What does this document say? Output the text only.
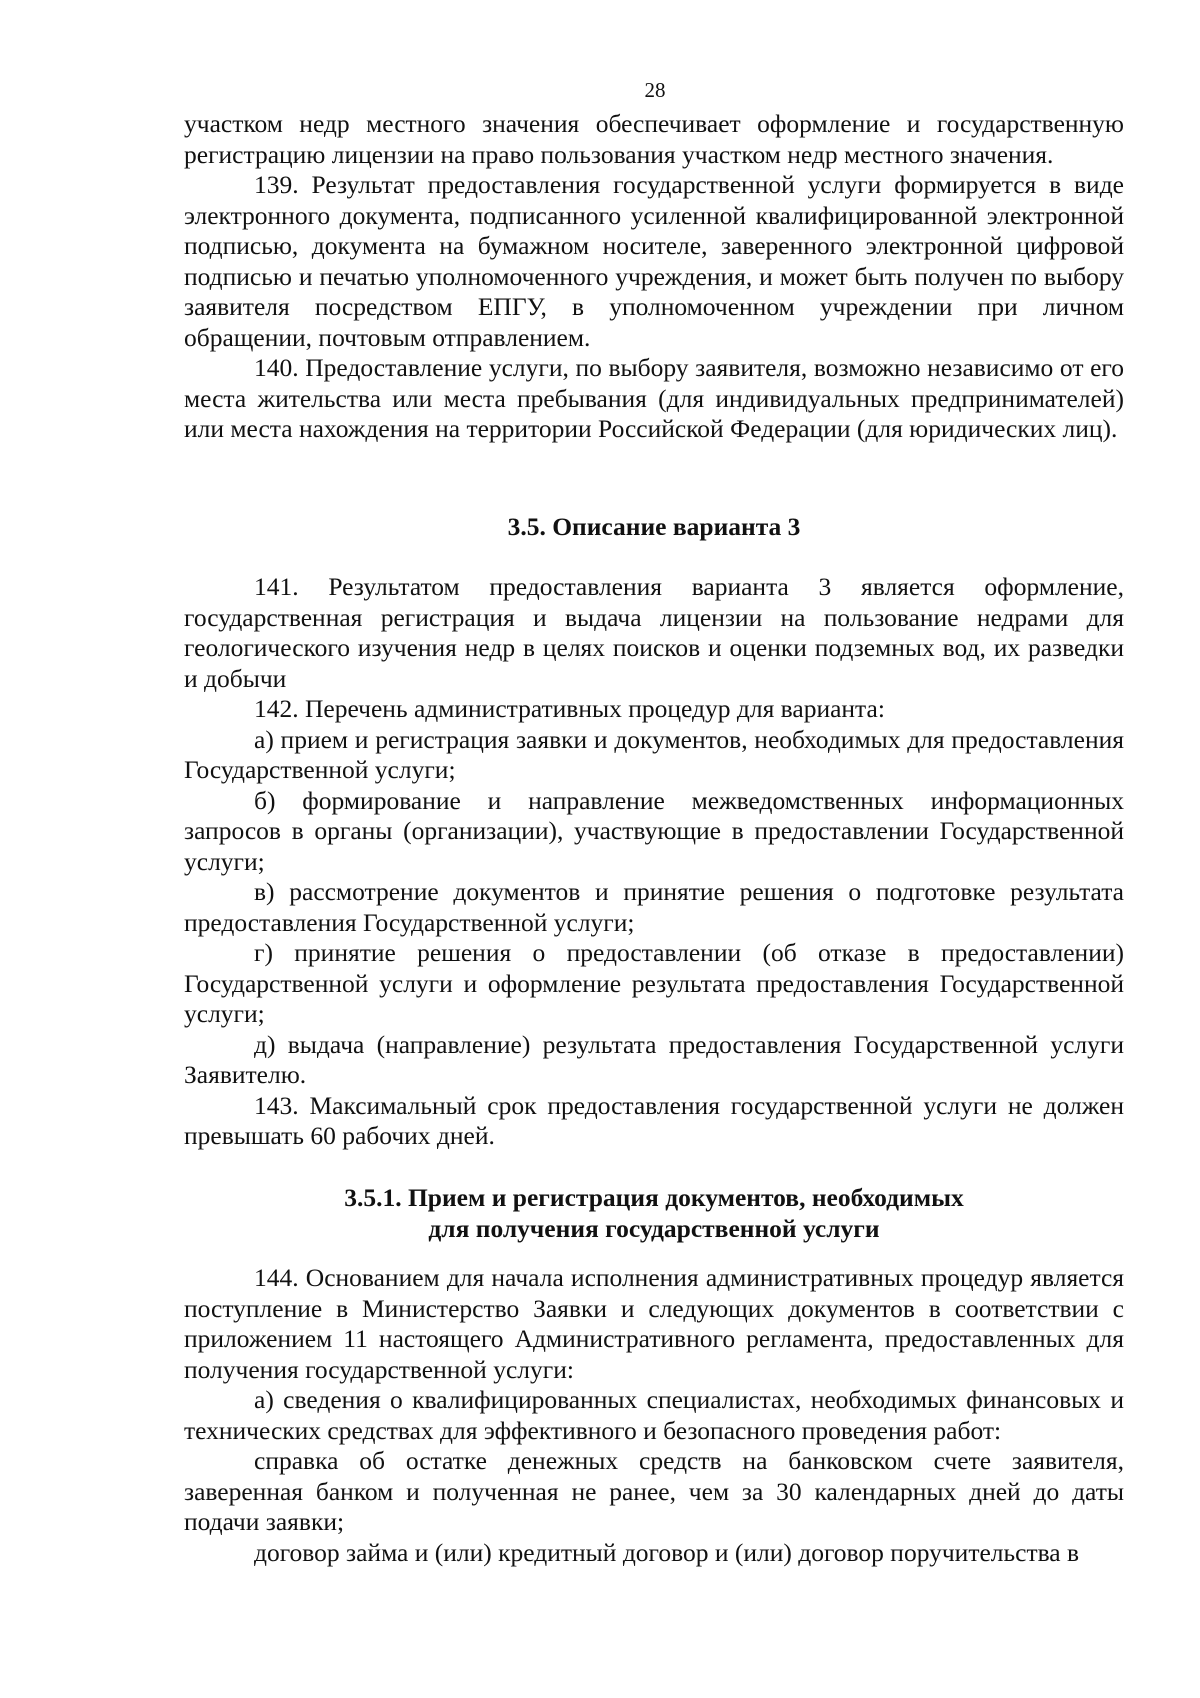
28

участком недр местного значения обеспечивает оформление и государственную регистрацию лицензии на право пользования участком недр местного значения.

139. Результат предоставления государственной услуги формируется в виде электронного документа, подписанного усиленной квалифицированной электронной подписью, документа на бумажном носителе, заверенного электронной цифровой подписью и печатью уполномоченного учреждения, и может быть получен по выбору заявителя посредством ЕПГУ, в уполномоченном учреждении при личном обращении, почтовым отправлением.

140. Предоставление услуги, по выбору заявителя, возможно независимо от его места жительства или места пребывания (для индивидуальных предпринимателей) или места нахождения на территории Российской Федерации (для юридических лиц).

3.5. Описание варианта 3

141. Результатом предоставления варианта 3 является оформление, государственная регистрация и выдача лицензии на пользование недрами для геологического изучения недр в целях поисков и оценки подземных вод, их разведки и добычи

142. Перечень административных процедур для варианта:

а) прием и регистрация заявки и документов, необходимых для предоставления Государственной услуги;

б) формирование и направление межведомственных информационных запросов в органы (организации), участвующие в предоставлении Государственной услуги;

в) рассмотрение документов и принятие решения о подготовке результата предоставления Государственной услуги;

г) принятие решения о предоставлении (об отказе в предоставлении) Государственной услуги и оформление результата предоставления Государственной услуги;

д) выдача (направление) результата предоставления Государственной услуги Заявителю.

143. Максимальный срок предоставления государственной услуги не должен превышать 60 рабочих дней.

3.5.1. Прием и регистрация документов, необходимых
для получения государственной услуги

144. Основанием для начала исполнения административных процедур является поступление в Министерство Заявки и следующих документов в соответствии с приложением 11 настоящего Административного регламента, предоставленных для получения государственной услуги:

а) сведения о квалифицированных специалистах, необходимых финансовых и технических средствах для эффективного и безопасного проведения работ:

справка об остатке денежных средств на банковском счете заявителя, заверенная банком и полученная не ранее, чем за 30 календарных дней до даты подачи заявки;

договор займа и (или) кредитный договор и (или) договор поручительства в
